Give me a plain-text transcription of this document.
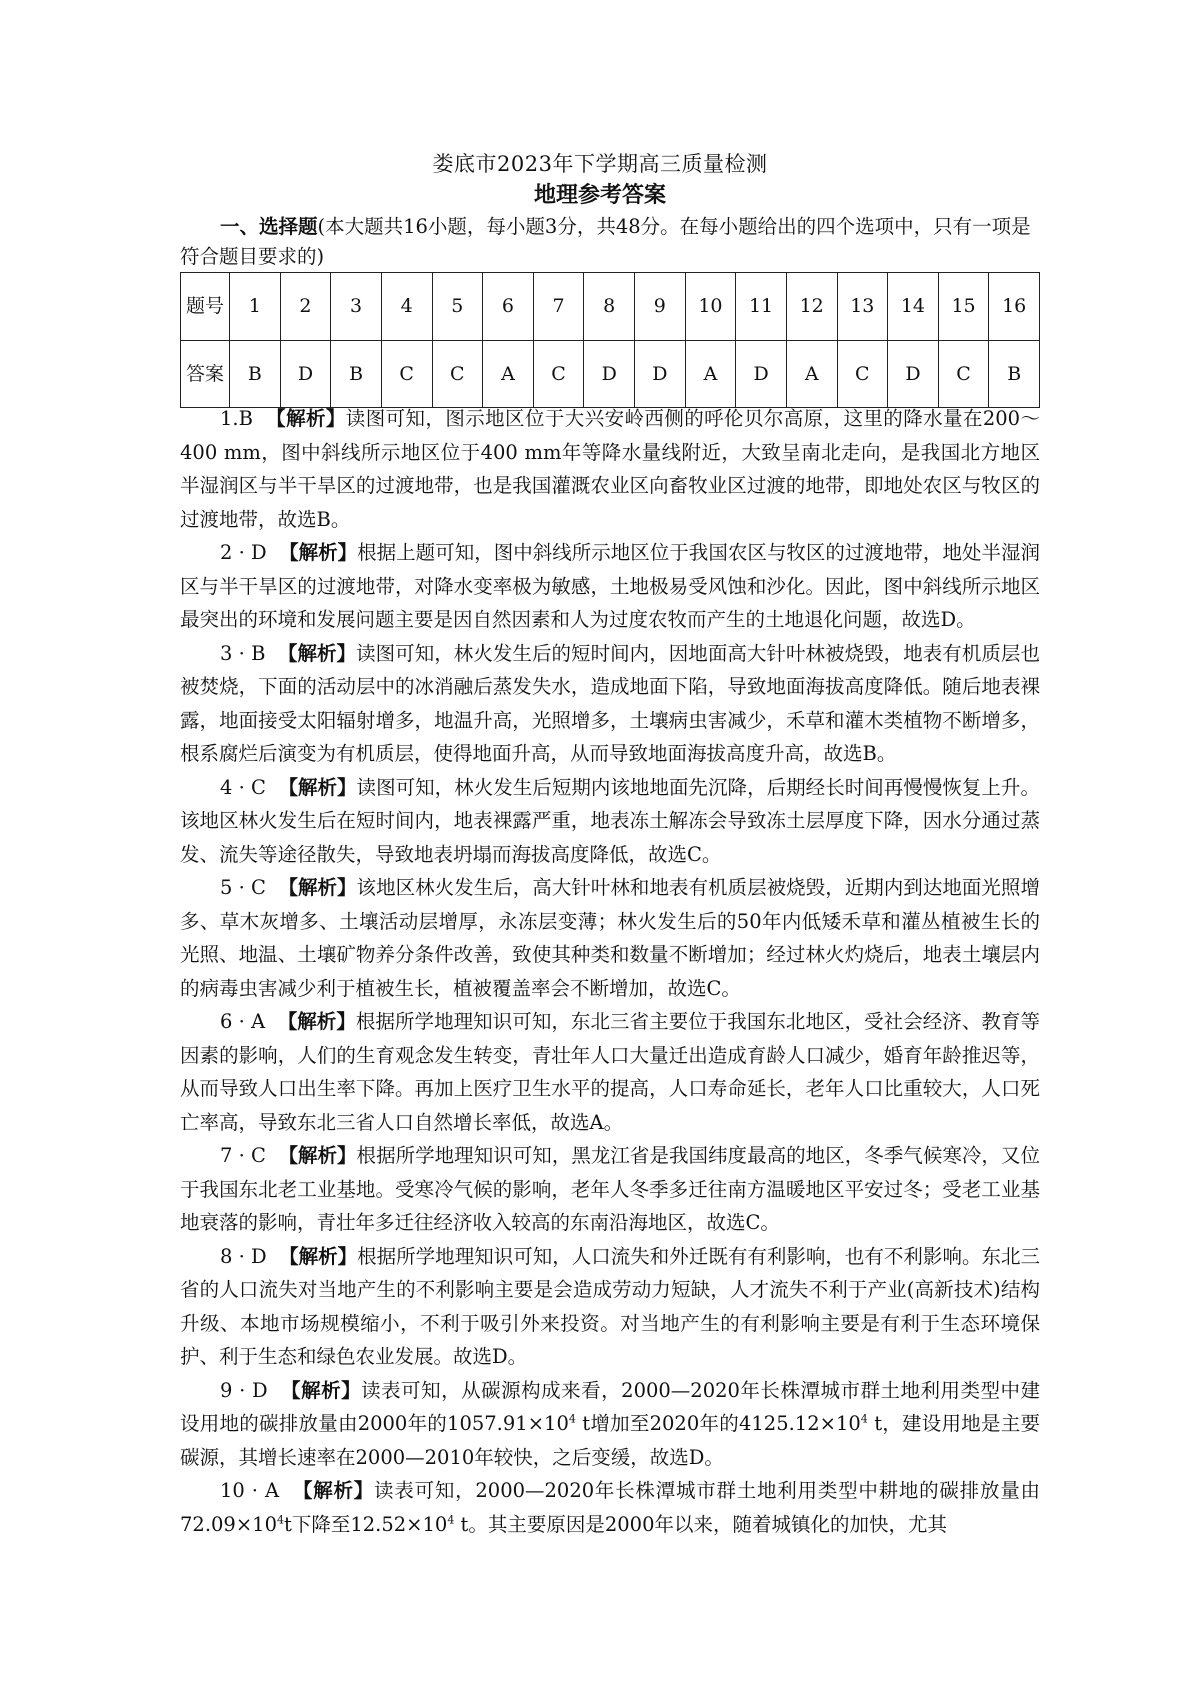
娄底市2023年下学期高三质量检测
地理参考答案

一、选择题(本大题共16小题，每小题3分，共48分。在每小题给出的四个选项中，只有一项是符合题目要求的)

题号	1	2	3	4	5	6	7	8	9	10	11	12	13	14	15	16
答案	B	D	B	C	C	A	C	D	D	A	D	A	C	D	C	B

1.B 【解析】读图可知，图示地区位于大兴安岭西侧的呼伦贝尔高原，这里的降水量在200～400 mm，图中斜线所示地区位于400 mm年等降水量线附近，大致呈南北走向，是我国北方地区半湿润区与半干旱区的过渡地带，也是我国灌溉农业区向畜牧业区过渡的地带，即地处农区与牧区的过渡地带，故选B。

2 · D 【解析】根据上题可知，图中斜线所示地区位于我国农区与牧区的过渡地带，地处半湿润区与半干旱区的过渡地带，对降水变率极为敏感，土地极易受风蚀和沙化。因此，图中斜线所示地区最突出的环境和发展问题主要是因自然因素和人为过度农牧而产生的土地退化问题，故选D。

3 · B 【解析】读图可知，林火发生后的短时间内，因地面高大针叶林被烧毁，地表有机质层也被焚烧，下面的活动层中的冰消融后蒸发失水，造成地面下陷，导致地面海拔高度降低。随后地表裸露，地面接受太阳辐射增多，地温升高，光照增多，土壤病虫害减少，禾草和灌木类植物不断增多，根系腐烂后演变为有机质层，使得地面升高，从而导致地面海拔高度升高，故选B。

4 · C 【解析】读图可知，林火发生后短期内该地地面先沉降，后期经长时间再慢慢恢复上升。该地区林火发生后在短时间内，地表裸露严重，地表冻土解冻会导致冻土层厚度下降，因水分通过蒸发、流失等途径散失，导致地表坍塌而海拔高度降低，故选C。

5 · C 【解析】该地区林火发生后，高大针叶林和地表有机质层被烧毁，近期内到达地面光照增多、草木灰增多、土壤活动层增厚，永冻层变薄；林火发生后的50年内低矮禾草和灌丛植被生长的光照、地温、土壤矿物养分条件改善，致使其种类和数量不断增加；经过林火灼烧后，地表土壤层内的病毒虫害减少利于植被生长，植被覆盖率会不断增加，故选C。

6 · A 【解析】根据所学地理知识可知，东北三省主要位于我国东北地区，受社会经济、教育等因素的影响，人们的生育观念发生转变，青壮年人口大量迁出造成育龄人口减少，婚育年龄推迟等，从而导致人口出生率下降。再加上医疗卫生水平的提高，人口寿命延长，老年人口比重较大，人口死亡率高，导致东北三省人口自然增长率低，故选A。

7 · C 【解析】根据所学地理知识可知，黑龙江省是我国纬度最高的地区，冬季气候寒冷，又位于我国东北老工业基地。受寒冷气候的影响，老年人冬季多迁往南方温暖地区平安过冬；受老工业基地衰落的影响，青壮年多迁往经济收入较高的东南沿海地区，故选C。

8 · D 【解析】根据所学地理知识可知，人口流失和外迁既有有利影响，也有不利影响。东北三省的人口流失对当地产生的不利影响主要是会造成劳动力短缺，人才流失不利于产业(高新技术)结构升级、本地市场规模缩小，不利于吸引外来投资。对当地产生的有利影响主要是有利于生态环境保护、利于生态和绿色农业发展。故选D。

9 · D 【解析】读表可知，从碳源构成来看，2000—2020年长株潭城市群土地利用类型中建设用地的碳排放量由2000年的$1057.91\times 10^4$ t增加至2020年的$4125.12\times 10^4$ t，建设用地是主要碳源，其增长速率在2000—2010年较快，之后变缓，故选D。

10 · A 【解析】读表可知，2000—2020年长株潭城市群土地利用类型中耕地的碳排放量由$72.09\times 10^4t$下降至$12.52\times 10^4$ t。其主要原因是2000年以来，随着城镇化的加快，尤其
